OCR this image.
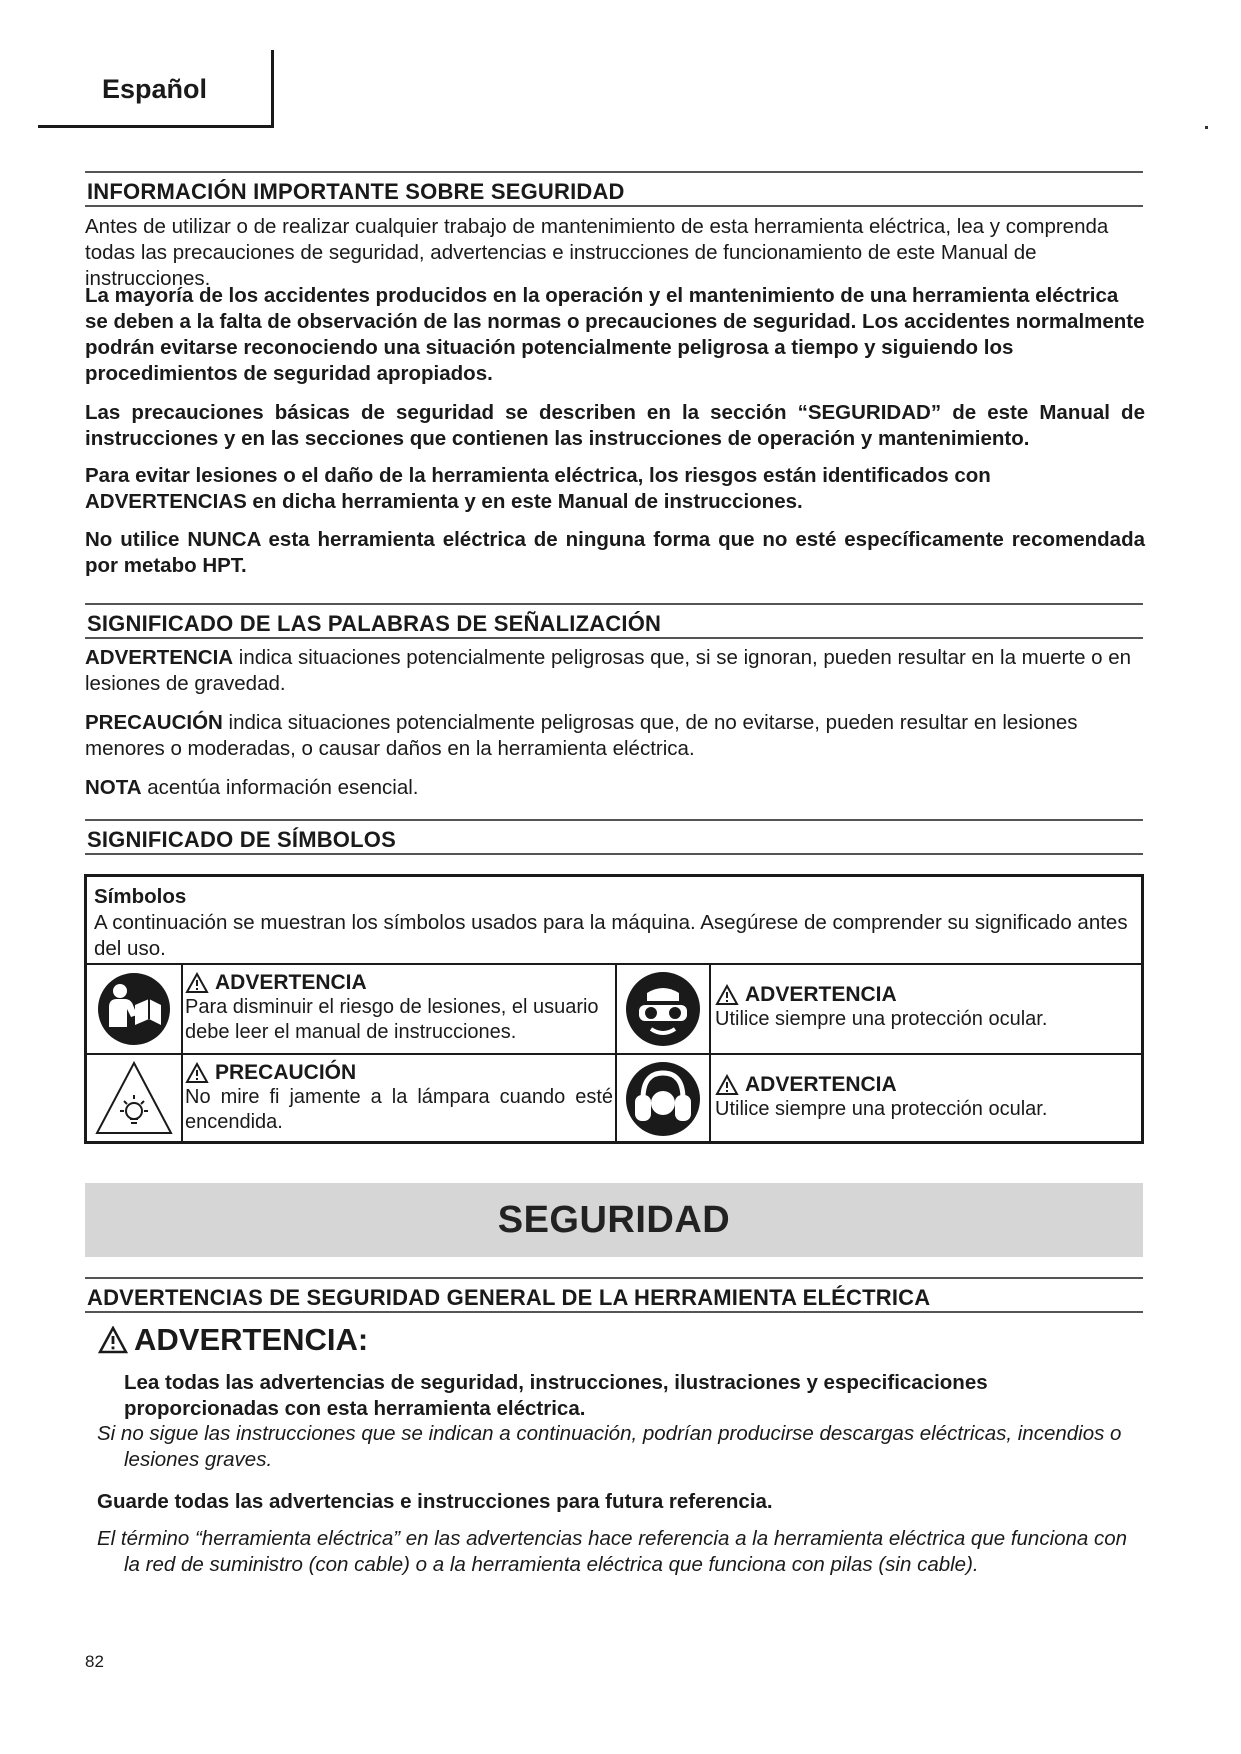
Español
INFORMACIÓN IMPORTANTE SOBRE SEGURIDAD

Antes de utilizar o de realizar cualquier trabajo de mantenimiento de esta herramienta eléctrica, lea y comprenda todas las precauciones de seguridad, advertencias e instrucciones de funcionamiento de este Manual de instrucciones.

La mayoría de los accidentes producidos en la operación y el mantenimiento de una herramienta eléctrica se deben a la falta de observación de las normas o precauciones de seguridad. Los accidentes normalmente podrán evitarse reconociendo una situación potencialmente peligrosa a tiempo y siguiendo los procedimientos de seguridad apropiados.

Las precauciones básicas de seguridad se describen en la sección “SEGURIDAD” de este Manual de instrucciones y en las secciones que contienen las instrucciones de operación y mantenimiento.

Para evitar lesiones o el daño de la herramienta eléctrica, los riesgos están identificados con ADVERTENCIAS en dicha herramienta y en este Manual de instrucciones.

No utilice NUNCA esta herramienta eléctrica de ninguna forma que no esté específicamente recomendada por metabo HPT.

SIGNIFICADO DE LAS PALABRAS DE SEÑALIZACIÓN

ADVERTENCIA indica situaciones potencialmente peligrosas que, si se ignoran, pueden resultar en la muerte o en lesiones de gravedad.

PRECAUCIÓN indica situaciones potencialmente peligrosas que, de no evitarse, pueden resultar en lesiones menores o moderadas, o causar daños en la herramienta eléctrica.

NOTA acentúa información esencial.

SIGNIFICADO DE SÍMBOLOS
Símbolos
A continuación se muestran los símbolos usados para la máquina. Asegúrese de comprender su significado antes del uso.
ADVERTENCIA
Para disminuir el riesgo de lesiones, el usuario debe leer el manual de instrucciones.
ADVERTENCIA
Utilice siempre una protección ocular.
PRECAUCIÓN
No mire fi jamente a la lámpara cuando esté encendida.
ADVERTENCIA
Utilice siempre una protección ocular.
SEGURIDAD
ADVERTENCIAS DE SEGURIDAD GENERAL DE LA HERRAMIENTA ELÉCTRICA
ADVERTENCIA:

Lea todas las advertencias de seguridad, instrucciones, ilustraciones y especificaciones proporcionadas con esta herramienta eléctrica.

Si no sigue las instrucciones que se indican a continuación, podrían producirse descargas eléctricas, incendios o lesiones graves.

Guarde todas las advertencias e instrucciones para futura referencia.

El término “herramienta eléctrica” en las advertencias hace referencia a la herramienta eléctrica que funciona con la red de suministro (con cable) o a la herramienta eléctrica que funciona con pilas (sin cable).

82
